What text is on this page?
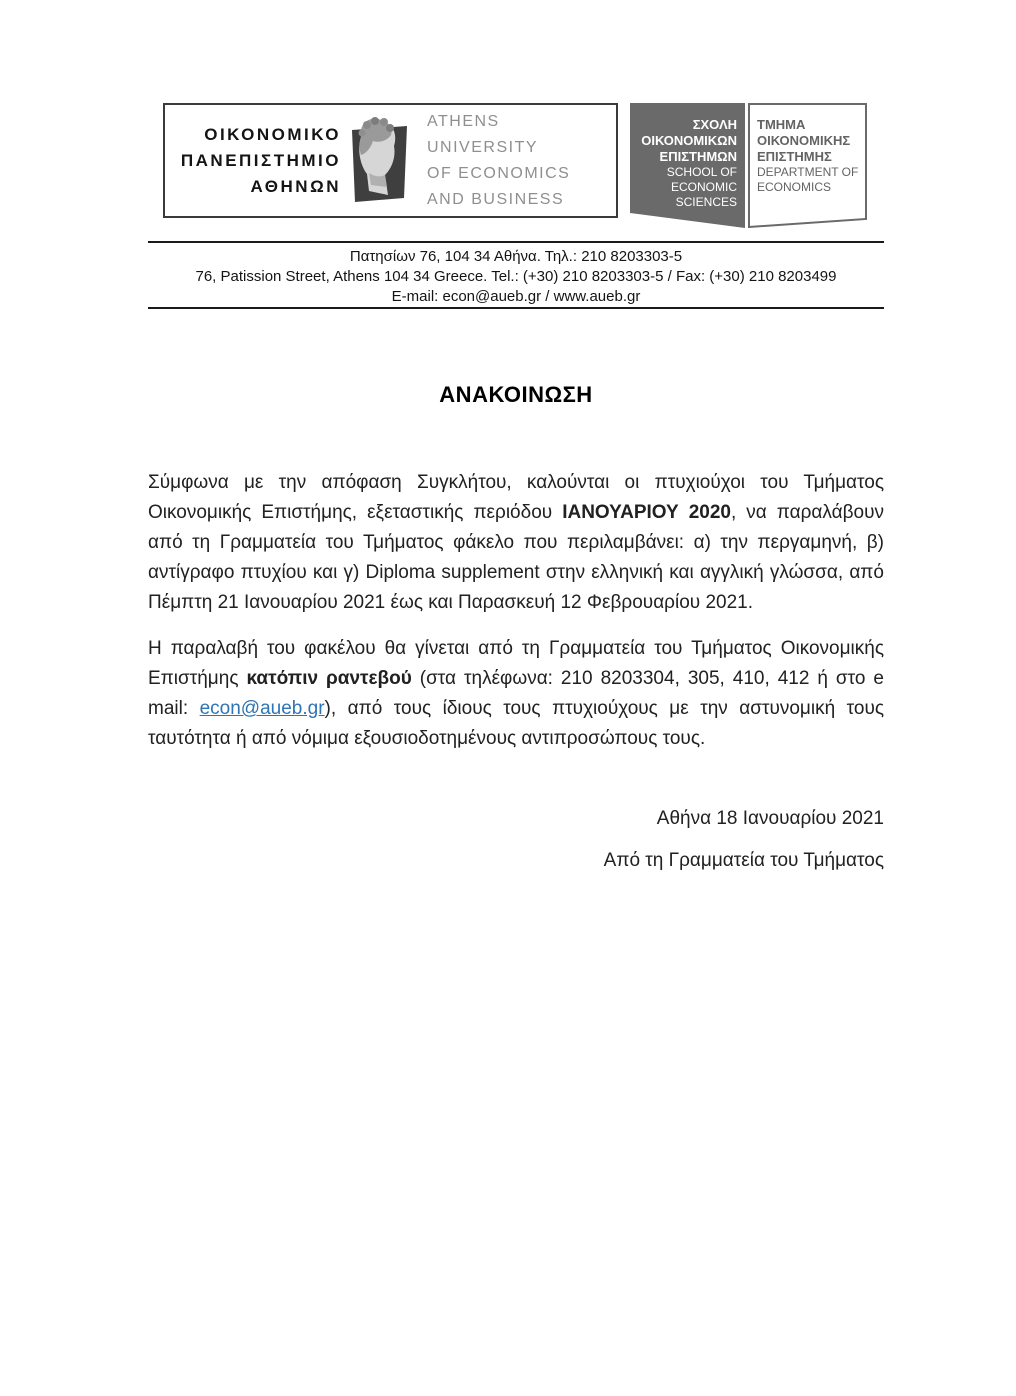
ΟΙΚΟΝΟΜΙΚΟ
ΠΑΝΕΠΙΣΤΗΜΙΟ
ΑΘΗΝΩΝ
ATHENS UNIVERSITY
OF ECONOMICS
AND BUSINESS
ΣΧΟΛΗ
ΟΙΚΟΝΟΜΙΚΩΝ
ΕΠΙΣΤΗΜΩΝ
SCHOOL OF
ECONOMIC
SCIENCES
ΤΜΗΜΑ
ΟΙΚΟΝΟΜΙΚΗΣ
ΕΠΙΣΤΗΜΗΣ
DEPARTMENT OF
ECONOMICS
Πατησίων 76, 104 34 Αθήνα. Τηλ.: 210 8203303-5
76, Patission Street, Athens 104 34 Greece. Tel.: (+30) 210 8203303-5 / Fax: (+30) 210 8203499
E-mail: econ@aueb.gr / www.aueb.gr
ΑΝΑΚΟΙΝΩΣΗ

Σύμφωνα με την απόφαση Συγκλήτου, καλούνται οι πτυχιούχοι του Τμήματος Οικονομικής Επιστήμης, εξεταστικής περιόδου ΙΑΝΟΥΑΡΙΟΥ 2020, να παραλάβουν από τη Γραμματεία του Τμήματος φάκελο που περιλαμβάνει: α) την περγαμηνή, β) αντίγραφο πτυχίου και γ) Diploma supplement στην ελληνική και αγγλική γλώσσα, από Πέμπτη 21 Ιανουαρίου 2021 έως και Παρασκευή 12 Φεβρουαρίου 2021.

Η παραλαβή του φακέλου θα γίνεται από τη Γραμματεία του Τμήματος Οικονομικής Επιστήμης κατόπιν ραντεβού (στα τηλέφωνα: 210 8203304, 305, 410, 412 ή στο e mail: econ@aueb.gr), από τους ίδιους τους πτυχιούχους με την αστυνομική τους ταυτότητα ή από νόμιμα εξουσιοδοτημένους αντιπροσώπους τους.

Αθήνα 18 Ιανουαρίου 2021
Από τη Γραμματεία του Τμήματος
